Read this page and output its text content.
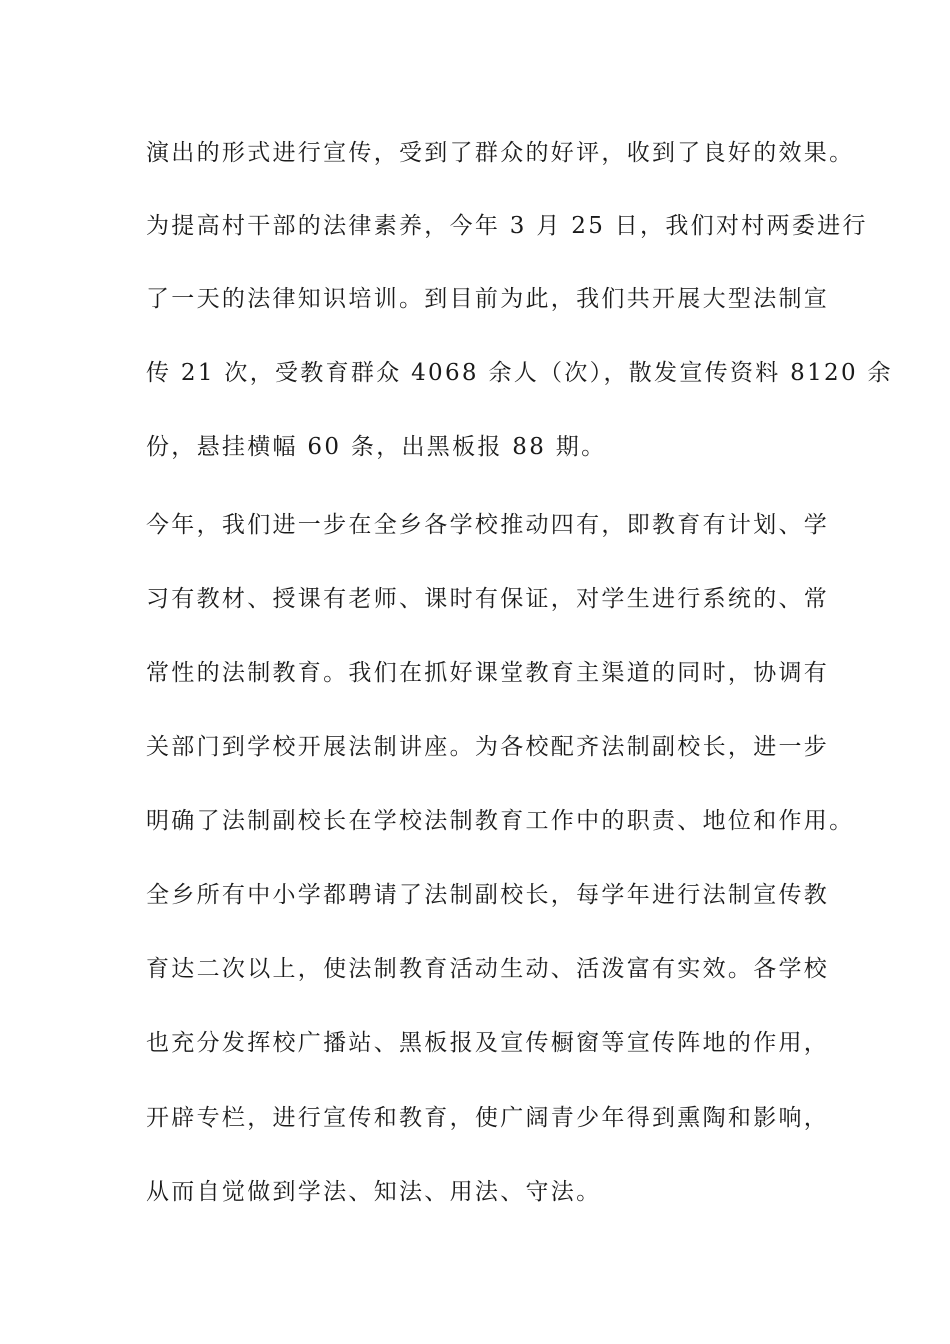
演出的形式进行宣传，受到了群众的好评，收到了良好的效果。

为提高村干部的法律素养，今年 3 月 25 日，我们对村两委进行

了一天的法律知识培训。到目前为此，我们共开展大型法制宣

传 21 次，受教育群众 4068 余人（次），散发宣传资料 8120 余

份，悬挂横幅 60 条，出黑板报 88 期。

今年，我们进一步在全乡各学校推动四有，即教育有计划、学

习有教材、授课有老师、课时有保证，对学生进行系统的、常

常性的法制教育。我们在抓好课堂教育主渠道的同时，协调有

关部门到学校开展法制讲座。为各校配齐法制副校长，进一步

明确了法制副校长在学校法制教育工作中的职责、地位和作用。

全乡所有中小学都聘请了法制副校长，每学年进行法制宣传教

育达二次以上，使法制教育活动生动、活泼富有实效。各学校

也充分发挥校广播站、黑板报及宣传橱窗等宣传阵地的作用，

开辟专栏，进行宣传和教育，使广阔青少年得到熏陶和影响，

从而自觉做到学法、知法、用法、守法。
